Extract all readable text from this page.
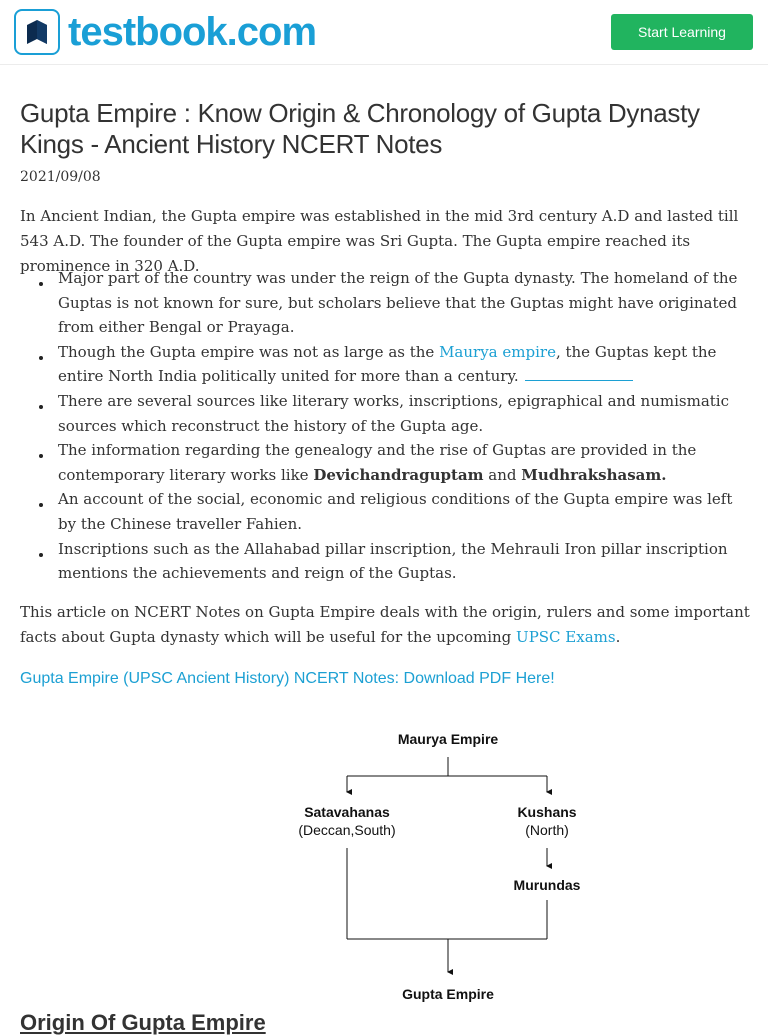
testbook.com	Start Learning
Gupta Empire : Know Origin & Chronology of Gupta Dynasty Kings - Ancient History NCERT Notes
2021/09/08

In Ancient Indian, the Gupta empire was established in the mid 3rd century A.D and lasted till 543 A.D. The founder of the Gupta empire was Sri Gupta. The Gupta empire reached its prominence in 320 A.D.

Major part of the country was under the reign of the Gupta dynasty. The homeland of the Guptas is not known for sure, but scholars believe that the Guptas might have originated from either Bengal or Prayaga.
Though the Gupta empire was not as large as the Maurya empire, the Guptas kept the entire North India politically united for more than a century.
There are several sources like literary works, inscriptions, epigraphical and numismatic sources which reconstruct the history of the Gupta age.
The information regarding the genealogy and the rise of Guptas are provided in the contemporary literary works like Devichandraguptam and Mudhrakshasam.
An account of the social, economic and religious conditions of the Gupta empire was left by the Chinese traveller Fahien.
Inscriptions such as the Allahabad pillar inscription, the Mehrauli Iron pillar inscription mentions the achievements and reign of the Guptas.

This article on NCERT Notes on Gupta Empire deals with the origin, rulers and some important facts about Gupta dynasty which will be useful for the upcoming UPSC Exams.

Gupta Empire (UPSC Ancient History) NCERT Notes: Download PDF Here!
Maurya Empire
Satavahanas
(Deccan,South)
Kushans
(North)
Murundas
Gupta Empire
Origin Of Gupta Empire
